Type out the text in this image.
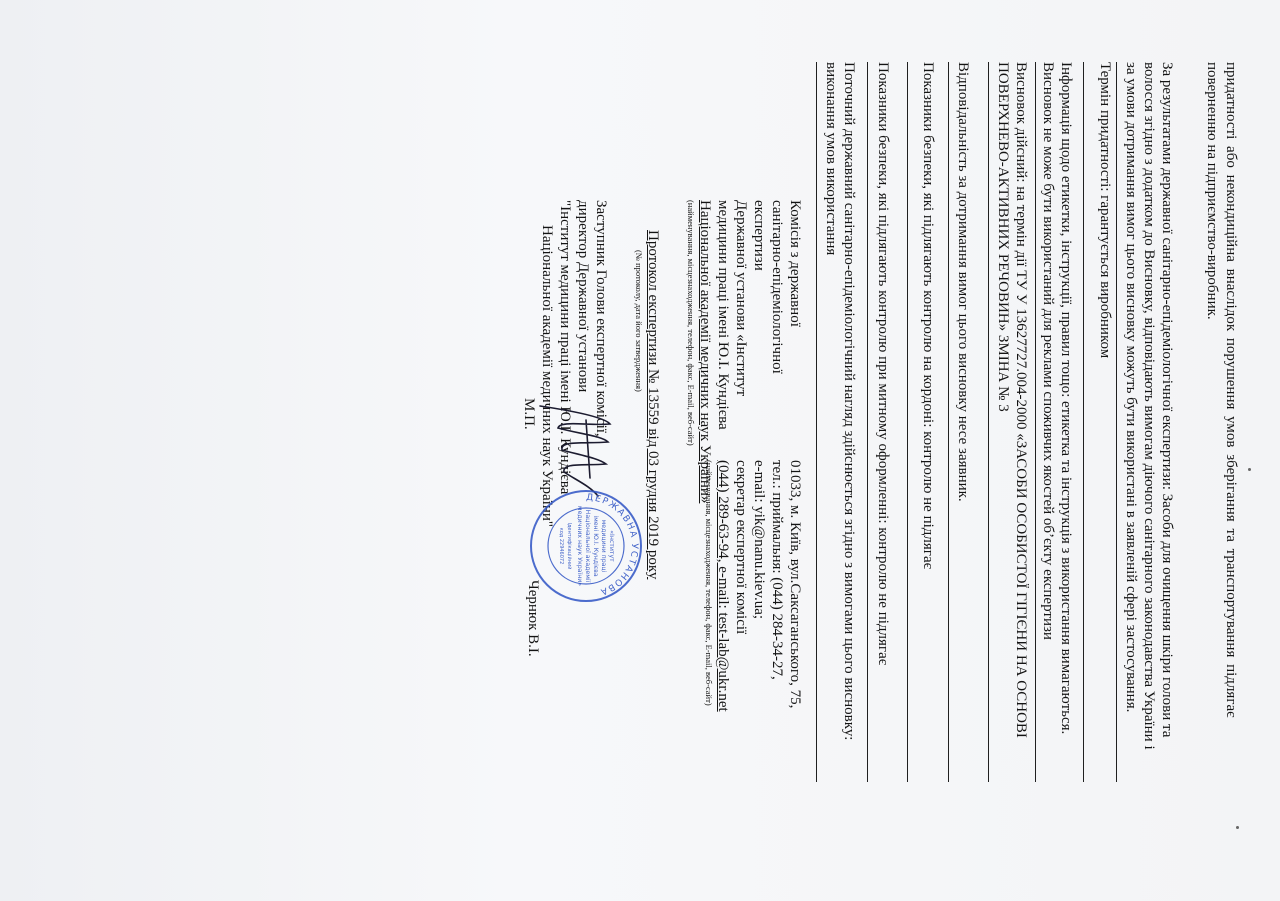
придатності або некондиційна внаслідок порушення умов зберігання та транспортування підлягає
поверненню на підприємство-виробник.
За результатами державної санітарно-епідеміологічної експертизи: Засоби для очищення шкіри голови та
волосся згідно з додатком до Висновку, відповідають вимогам діючого санітарного законодавства України і
за умови дотримання вимог цього висновку можуть бути використані в заявленій сфері застосування.
Термін придатності: гарантується виробником
Інформація щодо етикетки, інструкції, правил тощо: етикетка та інструкція з використання вимагаються.
Висновок не може бути використаний для реклами споживчих якостей об’єкту експертизи
Висновок дійсний: на термін дії ТУ У 13627727.004-2000 «ЗАСОБИ ОСОБИСТОЇ ГІГІЄНИ НА ОСНОВІ
ПОВЕРХНЕВО-АКТИВНИХ РЕЧОВИН» ЗМІНА № 3
Відповідальність за дотримання вимог цього висновку несе заявник.
Показники безпеки, які підлягають контролю на кордоні: контролю не підлягає
Показники безпеки, які підлягають контролю при митному оформленні: контролю не підлягає
Поточний державний санітарно-епідеміологічний нагляд здійснюється згідно з вимогами цього висновку:
виконання умов використання
Комісія з державної
санітарно-епідеміологічної
експертизи
Державної установи «Інститут
медицини праці імені Ю.І. Кундієва
Національної академії медичних наук України»
(найменування, місцезнаходження, телефон, факс, E-mail, веб-сайт)
01033, м. Київ, вул.Саксаганського, 75,
тел.: приймальня: (044) 284-34-27,
e-mail: yik@nanu.kiev.ua;
секретар експертної комісії
(044) 289-63-94, e-mail: test-lab@ukr.net
(найменування, місцезнаходження, телефон, факс, E-mail, веб-сайт)
Протокол експертизи № 13559 від 03 грудня 2019 року
(№ протоколу, дата його затвердження)
Заступник Голови експертної комісії,
директор Державної установи
"Інститут медицини праці імені Ю.І. Кундієва
Національної академії медичних наук України"
М.П.
Чернюк В.І.
ДЕРЖАВНА УСТАНОВА
«Інститут
медицини праці
імені Ю.І. Кундієва
Національної академії
медичних наук України»
Ідентифікаційний
код 22946072
